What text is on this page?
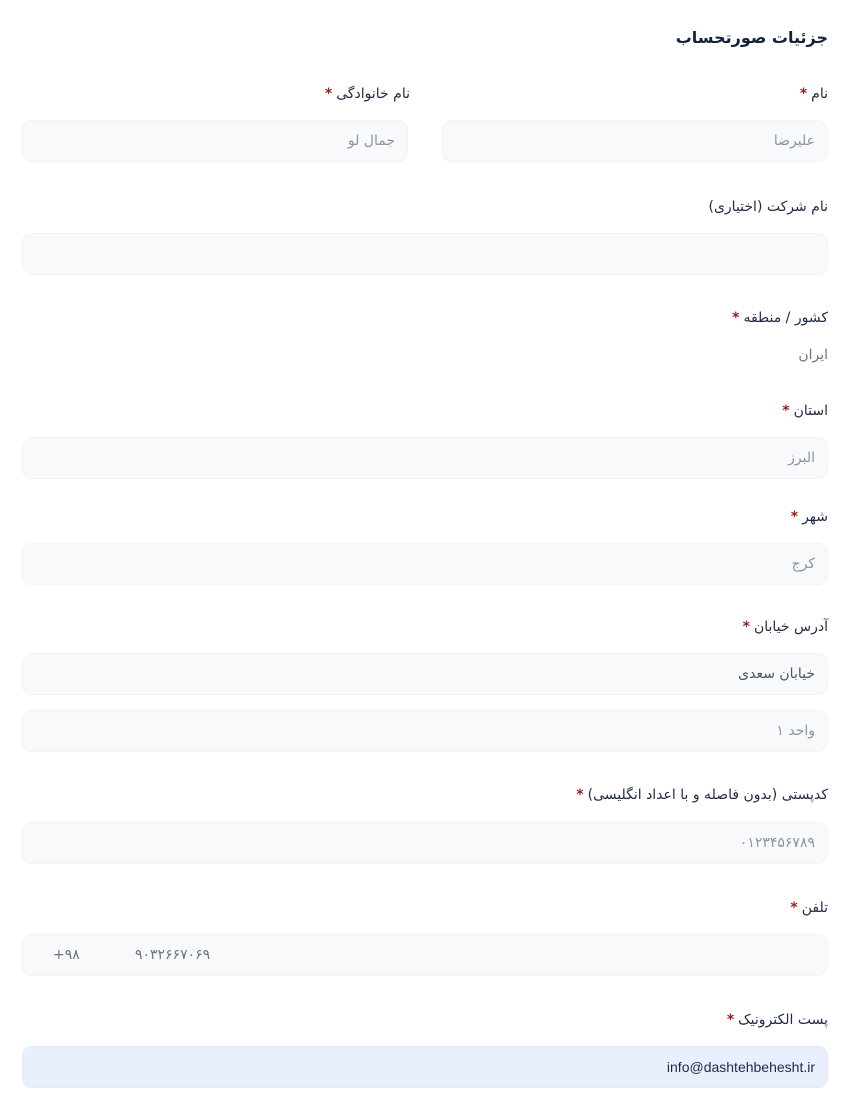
جزئیات صورتحساب
نام*
علیرضا
نام خانوادگی*
جمال لو
نام شرکت (اختیاری)
کشور / منطقه*
ایران
استان*
البرز
شهر*
کرج
آدرس خیابان*
خیابان سعدی
واحد ۱
کدپستی (بدون فاصله و با اعداد انگلیسی)*
۰۱۲۳۴۵۶۷۸۹
تلفن*
+۹۸	۹۰۳۲۶۶۷۰۶۹
پست الکترونیک*
info@dashtehbehesht.ir
